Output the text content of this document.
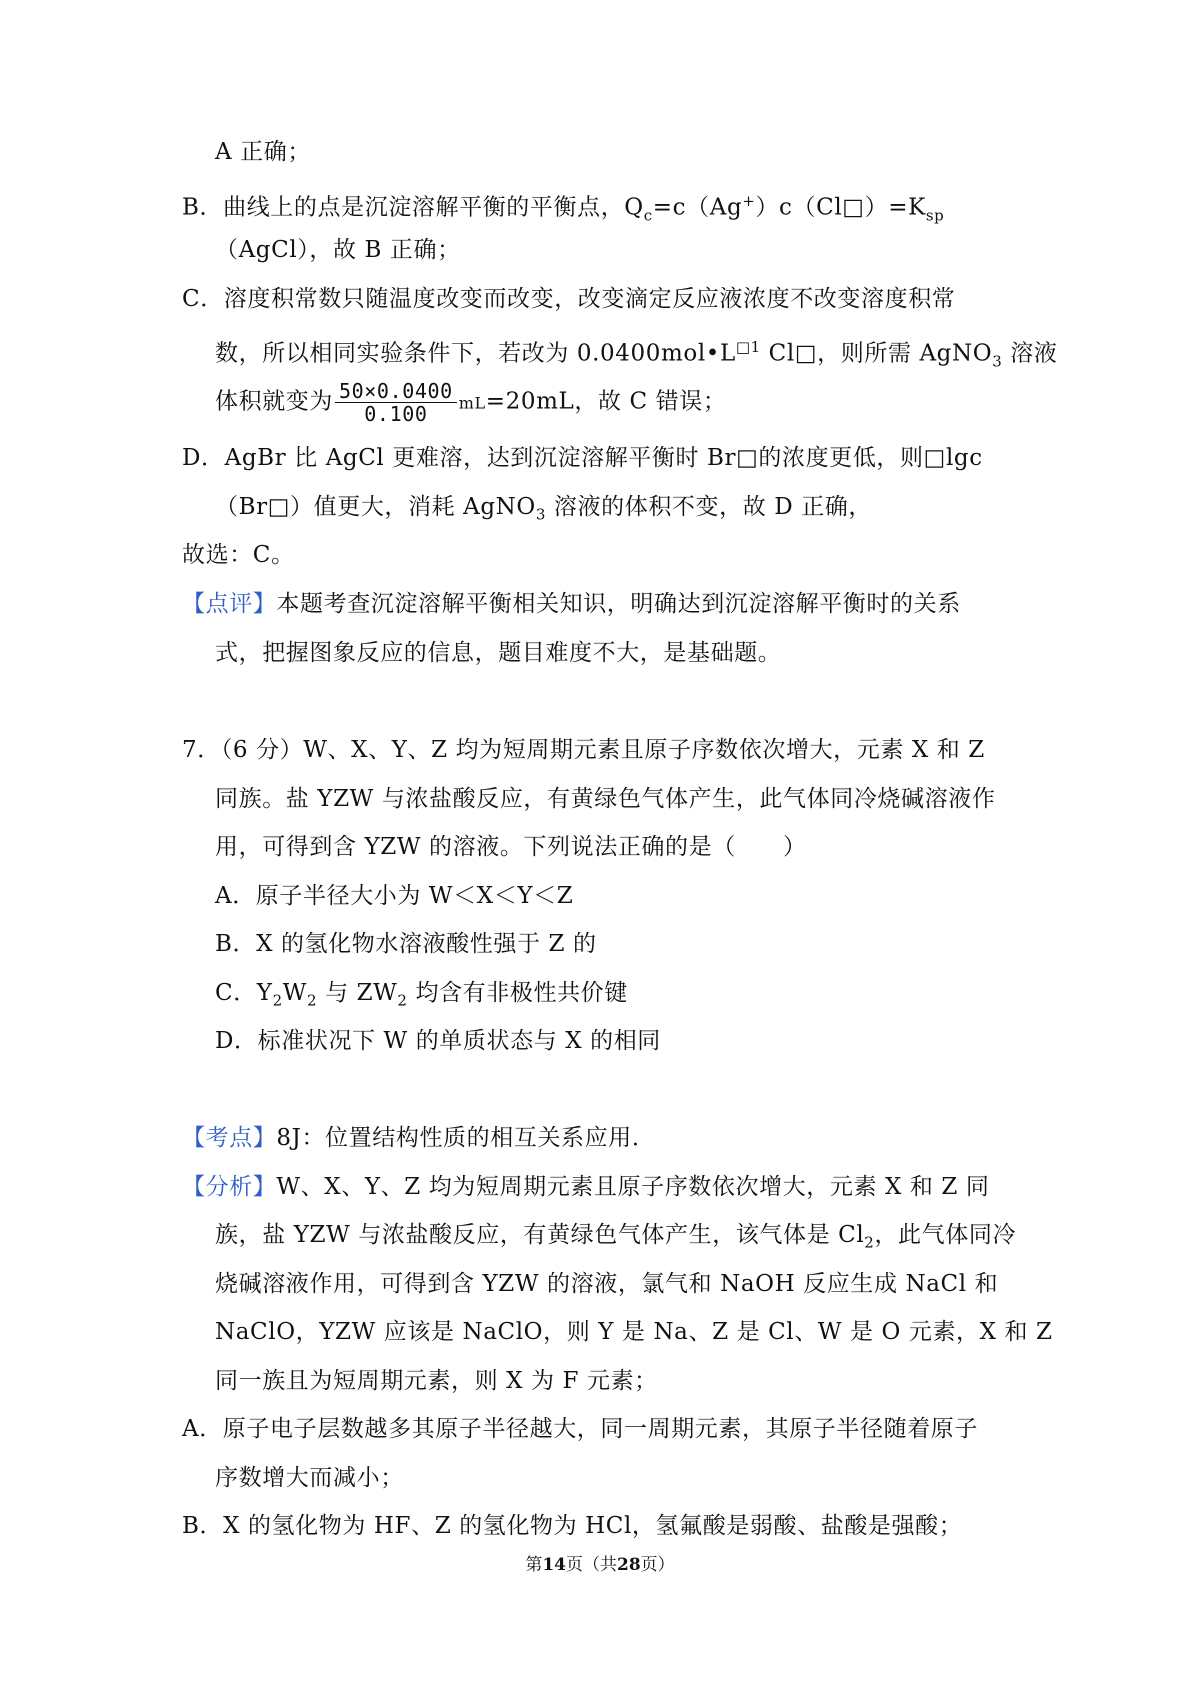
A 正确；
B．曲线上的点是沉淀溶解平衡的平衡点，$Q_c=c(Ag^+)c(Cl□)=K_{sp}$
（AgCl），故 B 正确；
C．溶度积常数只随温度改变而改变，改变滴定反应液浓度不改变溶度积常
数，所以相同实验条件下，若改为 $0.0400mol•L^{□1}$ Cl□，则所需 AgNO$_3$ 溶液
体积就变为 $\frac{50\times 0.0400}{0.100} mL=20mL$，故 C 错误；
D．AgBr 比 AgCl 更难溶，达到沉淀溶解平衡时 Br□的浓度更低，则□lgc
（Br□）值更大，消耗 AgNO$_3$ 溶液的体积不变，故 D 正确，
故选：C。
【点评】本题考查沉淀溶解平衡相关知识，明确达到沉淀溶解平衡时的关系
式，把握图象反应的信息，题目难度不大，是基础题。
7．（6 分）W、X、Y、Z 均为短周期元素且原子序数依次增大，元素 X 和 Z
同族。盐 YZW 与浓盐酸反应，有黄绿色气体产生，此气体同冷烧碱溶液作
用，可得到含 YZW 的溶液。下列说法正确的是（　　）
A．原子半径大小为 W＜X＜Y＜Z
B．X 的氢化物水溶液酸性强于 Z 的
C．$Y_2W_2$ 与 $ZW_2$ 均含有非极性共价键
D．标准状况下 W 的单质状态与 X 的相同
【考点】8J：位置结构性质的相互关系应用．
【分析】W、X、Y、Z 均为短周期元素且原子序数依次增大，元素 X 和 Z 同
族，盐 YZW 与浓盐酸反应，有黄绿色气体产生，该气体是 $Cl_2$，此气体同冷
烧碱溶液作用，可得到含 YZW 的溶液，氯气和 NaOH 反应生成 NaCl 和
NaClO，YZW 应该是 NaClO，则 Y 是 Na、Z 是 Cl、W 是 O 元素，X 和 Z
同一族且为短周期元素，则 X 为 F 元素；
A．原子电子层数越多其原子半径越大，同一周期元素，其原子半径随着原子
序数增大而减小；
B．X 的氢化物为 HF、Z 的氢化物为 HCl，氢氟酸是弱酸、盐酸是强酸；
第14页（共28页）
